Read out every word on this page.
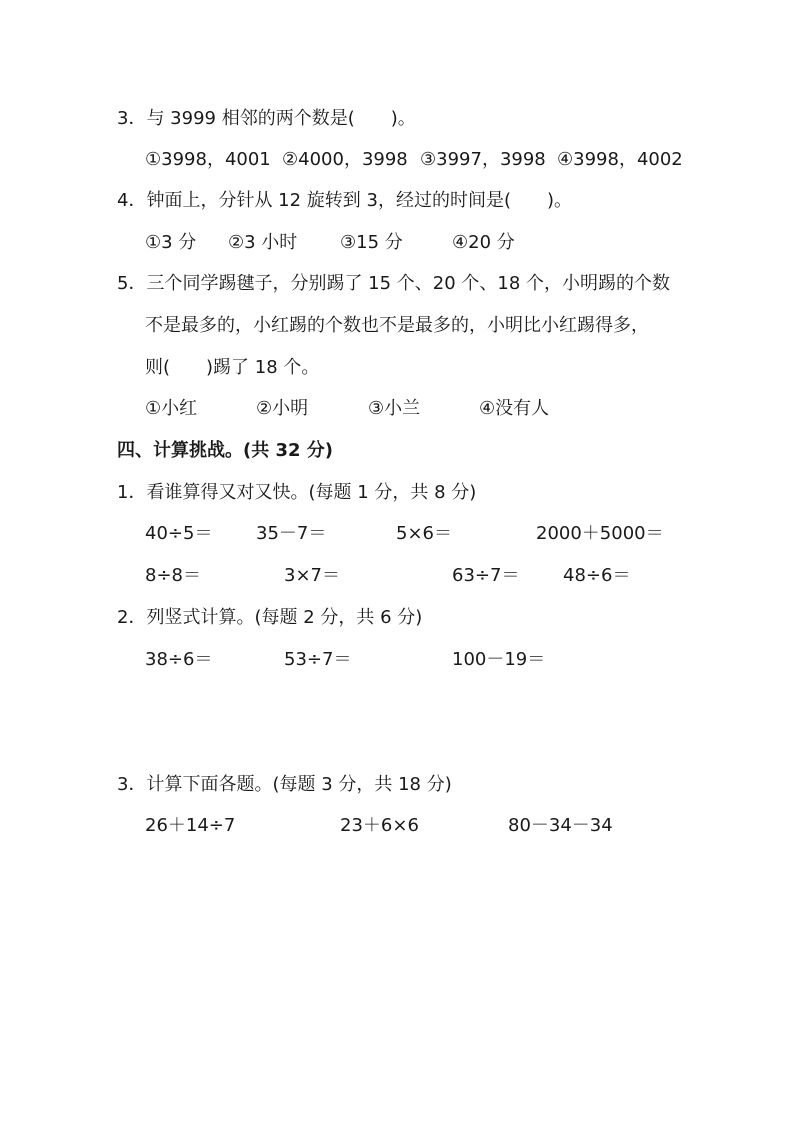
3．与 3999 相邻的两个数是(　　)。
①3998，4001 ②4000，3998 ③3997，3998 ④3998，4002
4．钟面上，分针从 12 旋转到 3，经过的时间是(　　)。
①3 分 ②3 小时 ③15 分	④20 分
5．三个同学踢毽子，分别踢了 15 个、20 个、18 个，小明踢的个数
不是最多的，小红踢的个数也不是最多的，小明比小红踢得多，
则(　　)踢了 18 个。
①小红	②小明	③小兰	④没有人
四、计算挑战。(共 32 分)
1．看谁算得又对又快。(每题 1 分，共 8 分)
40÷5＝ 35－7＝	5×6＝	2000＋5000＝
8÷8＝	3×7＝	63÷7＝ 48÷6＝
2．列竖式计算。(每题 2 分，共 6 分)
38÷6＝	53÷7＝	100－19＝
3．计算下面各题。(每题 3 分，共 18 分)
26＋14÷7	23＋6×6	80－34－34
